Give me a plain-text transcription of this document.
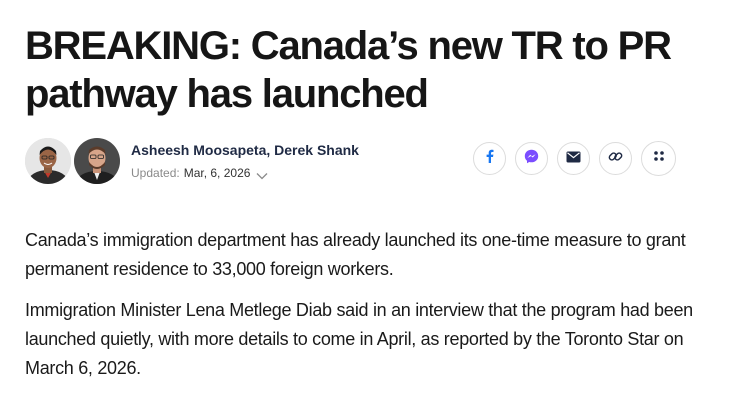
BREAKING: Canada’s new TR to PR pathway has launched
Asheesh Moosapeta, Derek Shank
Updated: Mar, 6, 2026

Canada’s immigration department has already launched its one-time measure to grant permanent residence to 33,000 foreign workers.

Immigration Minister Lena Metlege Diab said in an interview that the program had been launched quietly, with more details to come in April, as reported by the Toronto Star on March 6, 2026.
